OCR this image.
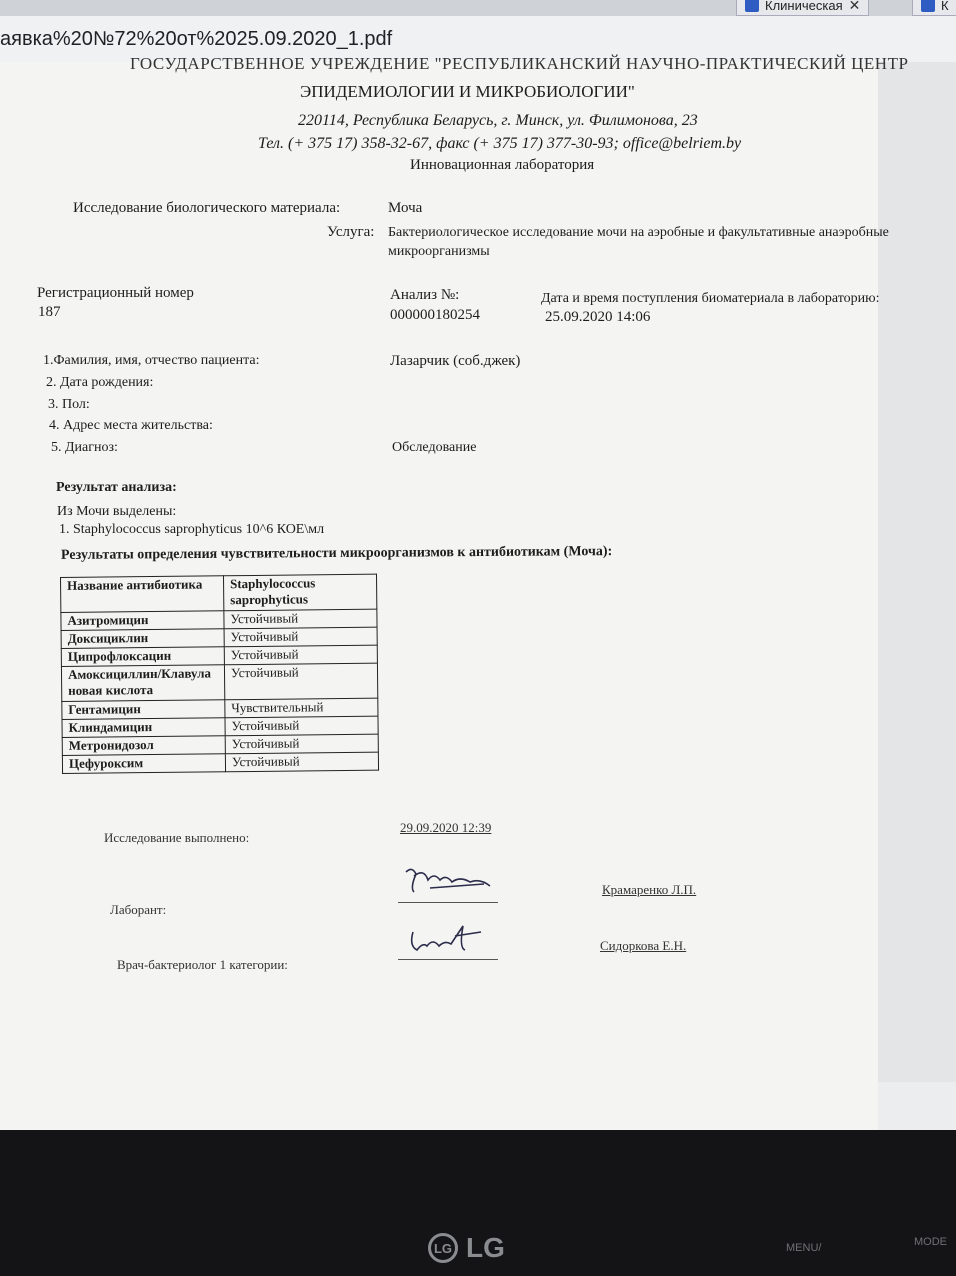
Клиническая ✕	К
аявка%20№72%20от%2025.09.2020_1.pdf
ГОСУДАРСТВЕННОЕ УЧРЕЖДЕНИЕ "РЕСПУБЛИКАНСКИЙ НАУЧНО-ПРАКТИЧЕСКИЙ ЦЕНТР
ЭПИДЕМИОЛОГИИ И МИКРОБИОЛОГИИ"
220114, Республика Беларусь, г. Минск, ул. Филимонова, 23
Тел. (+ 375 17) 358-32-67, факс (+ 375 17) 377-30-93; office@belriem.by
Инновационная лаборатория
Исследование биологического материала:	Моча
Услуга: Бактериологическое исследование мочи на аэробные и факультативные анаэробные
микроорганизмы
Регистрационный номер
187
Анализ №:
000000180254
Дата и время поступления биоматериала в лабораторию:
25.09.2020 14:06
1.Фамилия, имя, отчество пациента:	Лазарчик (соб.джек)
2. Дата рождения:
3. Пол:
4. Адрес места жительства:
5. Диагноз:	Обследование
Результат анализа:
Из Мочи выделены:
1. Staphylococcus saprophyticus 10^6 КОЕ\мл
Результаты определения чувствительности микроорганизмов к антибиотикам (Моча):
Название антибиотика	Staphylococcus saprophyticus
Азитромицин	Устойчивый
Доксициклин	Устойчивый
Ципрофлоксацин	Устойчивый
Амоксициллин/Клавулановая кислота	Устойчивый
Гентамицин	Чувствительный
Клиндамицин	Устойчивый
Метронидозол	Устойчивый
Цефуроксим	Устойчивый
Исследование выполнено:
29.09.2020 12:39
Лаборант:
Крамаренко Л.П.
Врач-бактериолог 1 категории:
Сидоркова Е.Н.
LG LG	MENU/	MODE
